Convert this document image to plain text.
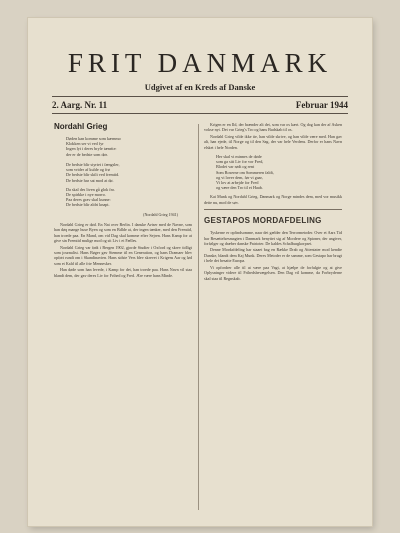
FRIT DANMARK
Udgivet af en Kreds af Danske
2. Aarg. Nr. 11	Februar 1944
Nordahl Grieg
Døden kan komme som kærnmo
Klokken ser vi ved fyr
Ingen lyt i deres bryle tænrite:
der er de bedste som dør.

De bedste blir styrtet i fængsler,
som vrider af kulde og frø
De bedste blir skilt ved fremtid.
De bedste har sat mod at dø.
Da skal des liven gå glok fro.
De spirkke i nye morro.
Paa deres grav skal kunne:
De bedste blir aldri knapt.
(Nordahl Grieg 1941)

Nordahl Grieg er død. En Nat over Berlin. I danske Aviser med de Navne, som han døq mange huse Byen og som en Bdlde at, der ingen tænker, med den Fremtid, han troede paa. En Mand, om vid Dag skal komme efter Sejren. Hans Kamp for at give sin Fremtid mulige mod og sit Liv i et Fælles.

Nordahl Grieg var født i Bergen 1902, gjorde Studier i Oxford og skrev tidligt som journalist. Hans Bøger gav Stemme til en Generation, og hans Dramaer blev opført rundt om i Skandinavien. Hans sidste Vers blev skrevet i Krigens Aar og lød som et Kald til alle frie Mennesker.

Han døde som han levede, i Kamp for det, han troede paa. Hans Navn vil staa blandt dem, der gav deres Liv for Frihed og Fred. Ære være hans Minde.

Krigen er en Ild, der brænder alt det, som var os kært. Og dog kan der af Asken vokse nyt. Det var Grieg's Tro og hans Budskab til os.

Nordahl Grieg vilde ikke tie, han vilde skrive, og han vilde være med. Han gav alt, han ejede, til Norge og til den Sag, der var hele Verdens. Derfor er hans Navn elsket i hele Norden.

Her skal vi minnes de døde
som ga sitt Liv for vor Fred,
Blodet var rødt og rent
Som Roserne om Sommeren faldt,
og vi lover dem, før vi gaar,
Vi lov at arbejde for Fred
og være den Tro til et Haab.

Kai Munk og Nordahl Grieg, Danmark og Norge mindes dem, med vor musikk dette nu, mod de søv.

GESTAPOS MORDAFDELING

Tyskerne er opfindsomme, naar det gælder den Terrormetoder. Over et Aars Tid har Besættelsesmagten i Danmark benyttet sig af Mordere og Spioner, der angiver, forfølger og dræber danske Patrioter. De kaldes Schalburgkorpset.

Denne Mordafdeling har staaet bag en Række Drab og Attentater mod kendte Danske, blandt dem Kaj Munk. Deres Metoder er de samme, som Gestapo har brugt i hele det besatte Europa.

Vi opfordrer alle til at være paa Vagt, at hjælpe de forfulgte og at give Oplysninger videre til Frihedsbevægelsen. Den Dag vil komme, da Forbryderne skal staa til Regnskab.
